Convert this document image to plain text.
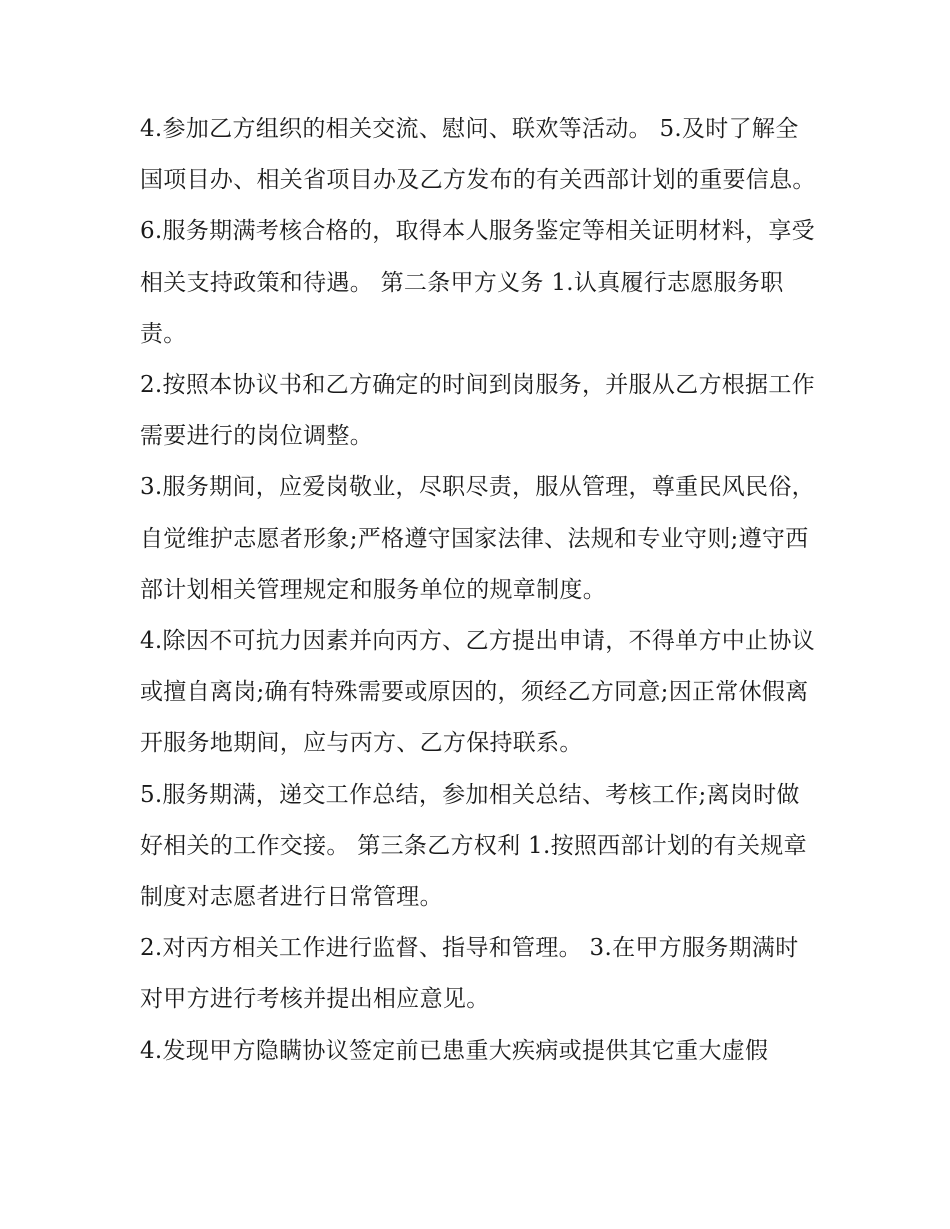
4.参加乙方组织的相关交流、慰问、联欢等活动。 5.及时了解全国项目办、相关省项目办及乙方发布的有关西部计划的重要信息。

6.服务期满考核合格的，取得本人服务鉴定等相关证明材料，享受相关支持政策和待遇。 第二条甲方义务 1.认真履行志愿服务职责。

2.按照本协议书和乙方确定的时间到岗服务，并服从乙方根据工作需要进行的岗位调整。

3.服务期间，应爱岗敬业，尽职尽责，服从管理，尊重民风民俗，自觉维护志愿者形象;严格遵守国家法律、法规和专业守则;遵守西部计划相关管理规定和服务单位的规章制度。

4.除因不可抗力因素并向丙方、乙方提出申请，不得单方中止协议或擅自离岗;确有特殊需要或原因的，须经乙方同意;因正常休假离开服务地期间，应与丙方、乙方保持联系。

5.服务期满，递交工作总结，参加相关总结、考核工作;离岗时做好相关的工作交接。 第三条乙方权利 1.按照西部计划的有关规章制度对志愿者进行日常管理。

2.对丙方相关工作进行监督、指导和管理。 3.在甲方服务期满时对甲方进行考核并提出相应意见。

4.发现甲方隐瞒协议签定前已患重大疾病或提供其它重大虚假
